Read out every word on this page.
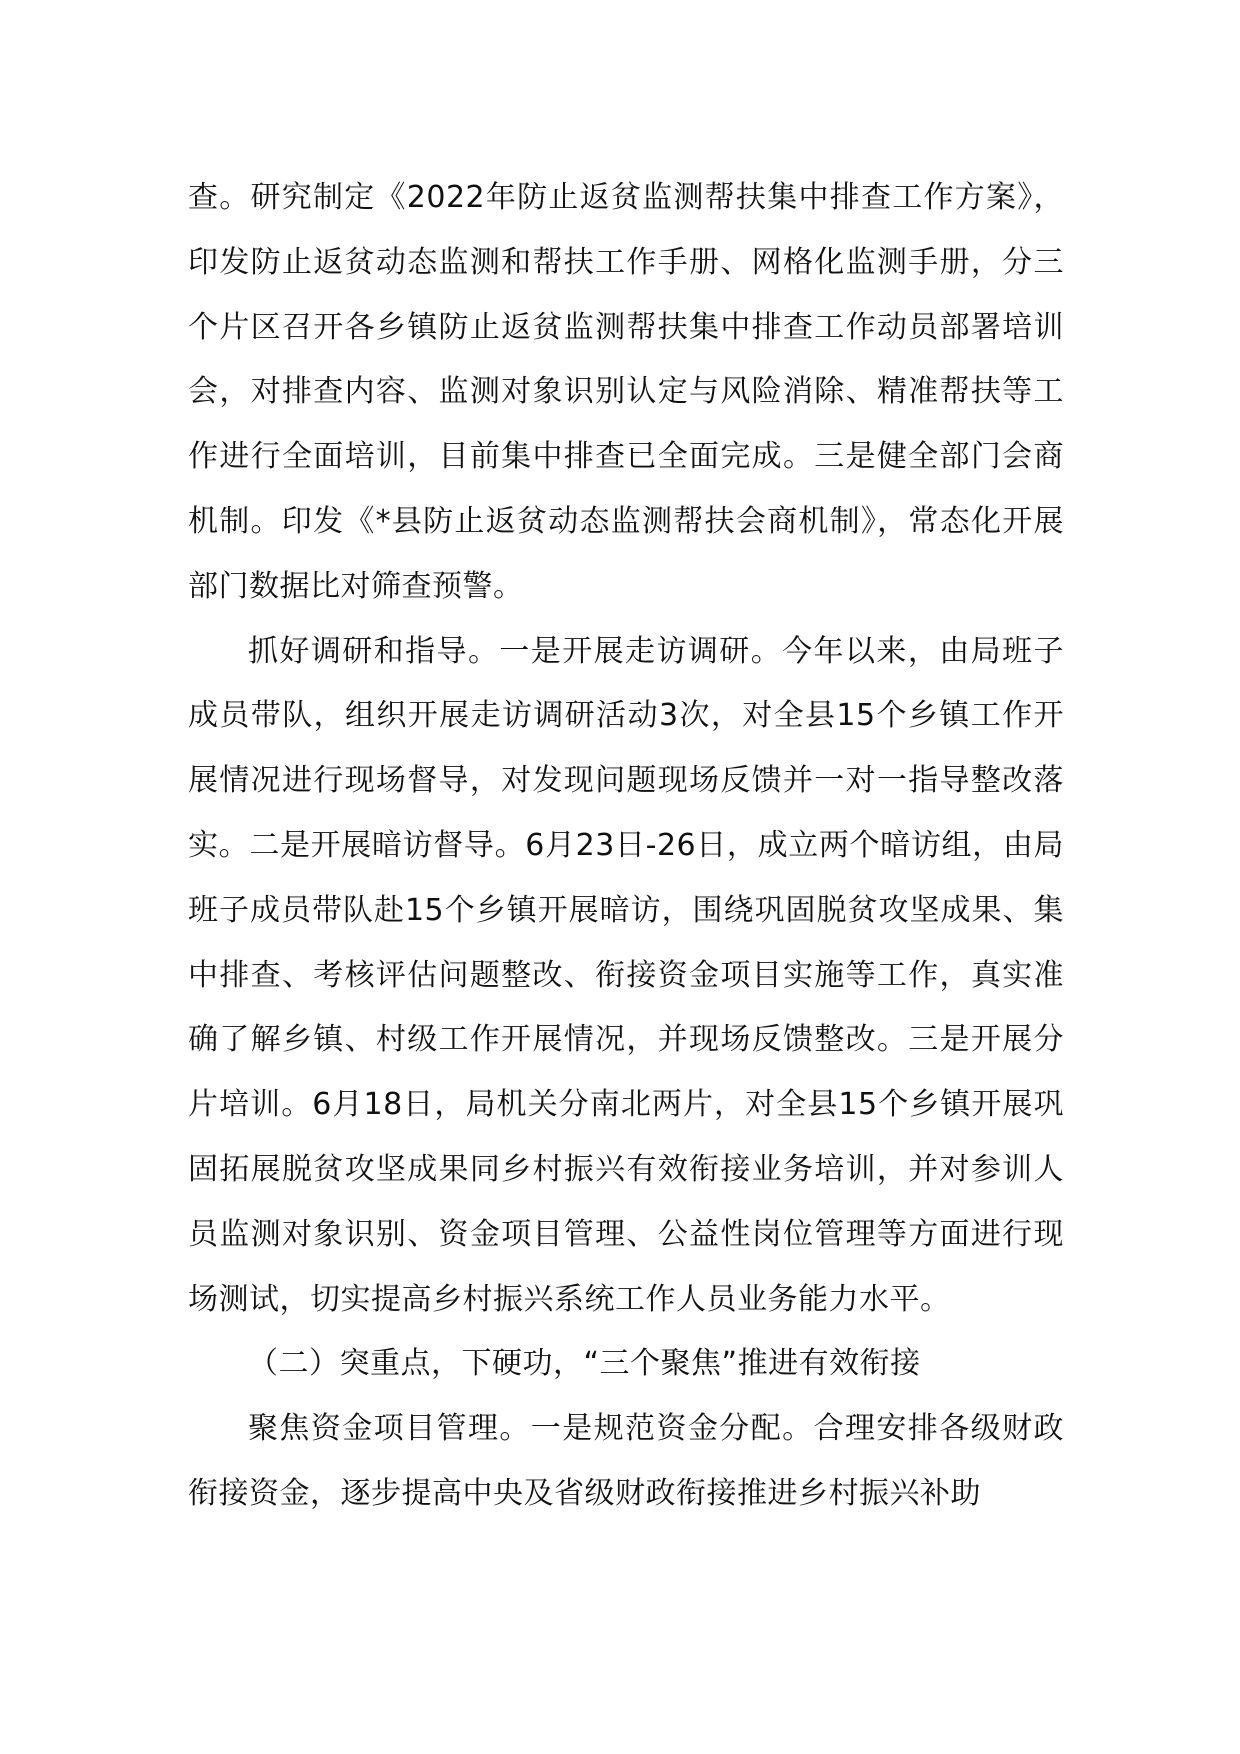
查。研究制定《2022年防止返贫监测帮扶集中排查工作方案》，印发防止返贫动态监测和帮扶工作手册、网格化监测手册，分三个片区召开各乡镇防止返贫监测帮扶集中排查工作动员部署培训会，对排查内容、监测对象识别认定与风险消除、精准帮扶等工作进行全面培训，目前集中排查已全面完成。三是健全部门会商机制。印发《*县防止返贫动态监测帮扶会商机制》，常态化开展部门数据比对筛查预警。

抓好调研和指导。一是开展走访调研。今年以来，由局班子成员带队，组织开展走访调研活动3次，对全县15个乡镇工作开展情况进行现场督导，对发现问题现场反馈并一对一指导整改落实。二是开展暗访督导。6月23日-26日，成立两个暗访组，由局班子成员带队赴15个乡镇开展暗访，围绕巩固脱贫攻坚成果、集中排查、考核评估问题整改、衔接资金项目实施等工作，真实准确了解乡镇、村级工作开展情况，并现场反馈整改。三是开展分片培训。6月18日，局机关分南北两片，对全县15个乡镇开展巩固拓展脱贫攻坚成果同乡村振兴有效衔接业务培训，并对参训人员监测对象识别、资金项目管理、公益性岗位管理等方面进行现场测试，切实提高乡村振兴系统工作人员业务能力水平。

（二）突重点，下硬功，“三个聚焦”推进有效衔接

聚焦资金项目管理。一是规范资金分配。合理安排各级财政衔接资金，逐步提高中央及省级财政衔接推进乡村振兴补助
